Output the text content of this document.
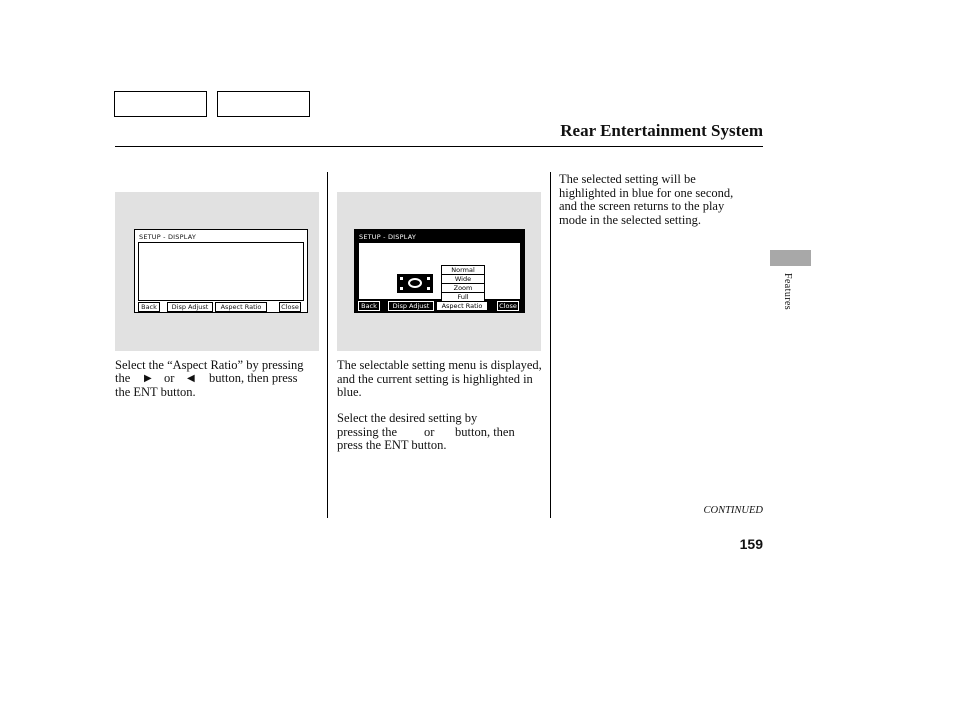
Rear Entertainment System
SETUP - DISPLAY
Back	Disp Adjust	Aspect Ratio	Close
SETUP - DISPLAY
Normal
Wide
Zoom
Full
Back	Disp Adjust	Aspect Ratio	Close
Select the “Aspect Ratio” by pressing
the ▶ or ◀ button, then press
the ENT button.
The selectable setting menu is displayed, and the current setting is highlighted in blue.
Select the desired setting by
pressing the or button, then
press the ENT button.
The selected setting will be highlighted in blue for one second, and the screen returns to the play mode in the selected setting.
Features
CONTINUED
159
